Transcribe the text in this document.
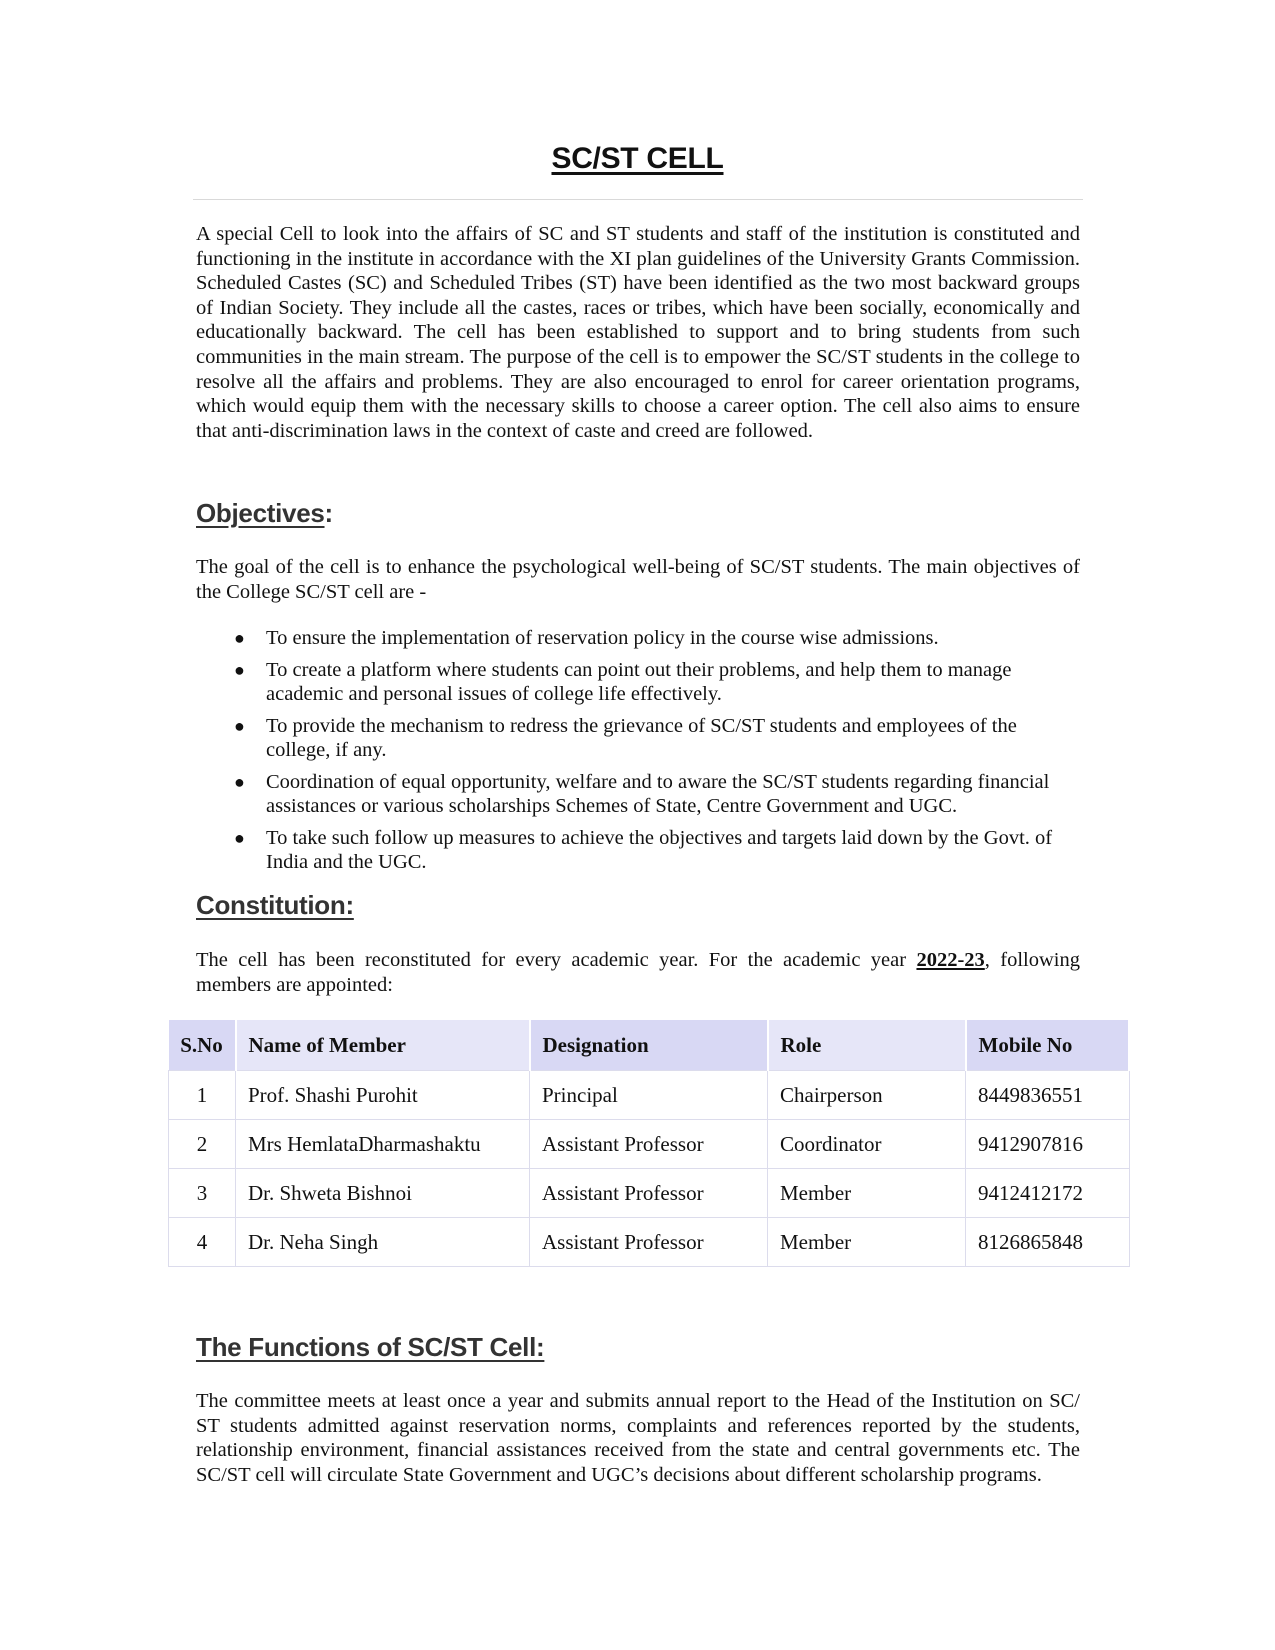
SC/ST CELL

A special Cell to look into the affairs of SC and ST students and staff of the institution is constituted and functioning in the institute in accordance with the XI plan guidelines of the University Grants Commission. Scheduled Castes (SC) and Scheduled Tribes (ST) have been identified as the two most backward groups of Indian Society. They include all the castes, races or tribes, which have been socially, economically and educationally backward. The cell has been established to support and to bring students from such communities in the main stream. The purpose of the cell is to empower the SC/ST students in the college to resolve all the affairs and problems. They are also encouraged to enrol for career orientation programs, which would equip them with the necessary skills to choose a career option. The cell also aims to ensure that anti-discrimination laws in the context of caste and creed are followed.

Objectives:

The goal of the cell is to enhance the psychological well-being of SC/ST students. The main objectives of the College SC/ST cell are -

● To ensure the implementation of reservation policy in the course wise admissions.
● To create a platform where students can point out their problems, and help them to manage academic and personal issues of college life effectively.
● To provide the mechanism to redress the grievance of SC/ST students and employees of the college, if any.
● Coordination of equal opportunity, welfare and to aware the SC/ST students regarding financial assistances or various scholarships Schemes of State, Centre Government and UGC.
● To take such follow up measures to achieve the objectives and targets laid down by the Govt. of India and the UGC.
Constitution:

The cell has been reconstituted for every academic year. For the academic year 2022-23, following members are appointed:

S.No	Name of Member	Designation	Role	Mobile No
1	Prof. Shashi Purohit	Principal	Chairperson	8449836551
2	Mrs HemlataDharmashaktu	Assistant Professor	Coordinator	9412907816
3	Dr. Shweta Bishnoi	Assistant Professor	Member	9412412172
4	Dr. Neha Singh	Assistant Professor	Member	8126865848
The Functions of SC/ST Cell:

The committee meets at least once a year and submits annual report to the Head of the Institution on SC/ ST students admitted against reservation norms, complaints and references reported by the students, relationship environment, financial assistances received from the state and central governments etc. The SC/ST cell will circulate State Government and UGC’s decisions about different scholarship programs.
